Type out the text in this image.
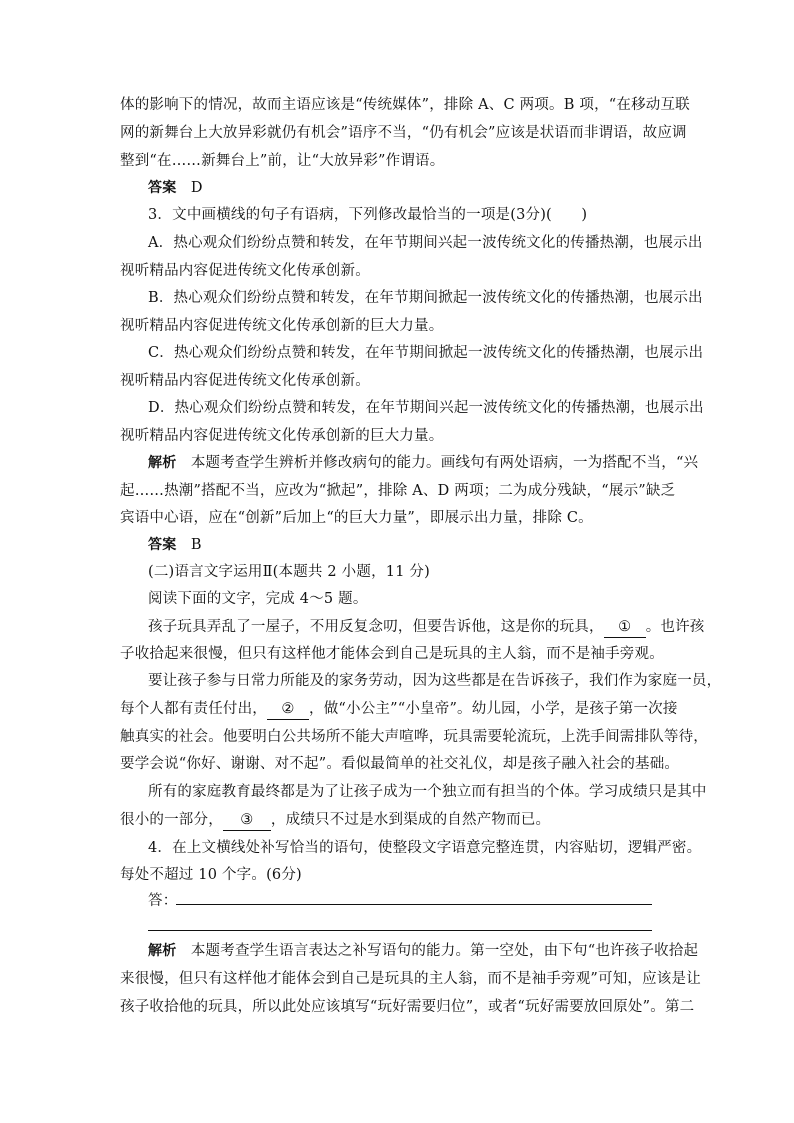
体的影响下的情况，故而主语应该是“传统媒体”，排除 A、C 两项。B 项，“在移动互联
网的新舞台上大放异彩就仍有机会”语序不当，“仍有机会”应该是状语而非谓语，故应调
整到“在……新舞台上”前，让“大放异彩”作谓语。
答案 D
3．文中画横线的句子有语病，下列修改最恰当的一项是(3分)(　　)
A．热心观众们纷纷点赞和转发，在年节期间兴起一波传统文化的传播热潮，也展示出
视听精品内容促进传统文化传承创新。
B．热心观众们纷纷点赞和转发，在年节期间掀起一波传统文化的传播热潮，也展示出
视听精品内容促进传统文化传承创新的巨大力量。
C．热心观众们纷纷点赞和转发，在年节期间掀起一波传统文化的传播热潮，也展示出
视听精品内容促进传统文化传承创新。
D．热心观众们纷纷点赞和转发，在年节期间兴起一波传统文化的传播热潮，也展示出
视听精品内容促进传统文化传承创新的巨大力量。
解析 本题考查学生辨析并修改病句的能力。画线句有两处语病，一为搭配不当，“兴
起……热潮”搭配不当，应改为“掀起”，排除 A、D 两项；二为成分残缺，“展示”缺乏
宾语中心语，应在“创新”后加上“的巨大力量”，即展示出力量，排除 C。
答案 B
(二)语言文字运用Ⅱ(本题共 2 小题，11 分)
阅读下面的文字，完成 4～5 题。
孩子玩具弄乱了一屋子，不用反复念叨，但要告诉他，这是你的玩具， ① 。也许孩
子收拾起来很慢，但只有这样他才能体会到自己是玩具的主人翁，而不是袖手旁观。
要让孩子参与日常力所能及的家务劳动，因为这些都是在告诉孩子，我们作为家庭一员，
每个人都有责任付出， ② ，做“小公主”“小皇帝”。幼儿园，小学，是孩子第一次接
触真实的社会。他要明白公共场所不能大声喧哗，玩具需要轮流玩，上洗手间需排队等待，
要学会说“你好、谢谢、对不起”。看似最简单的社交礼仪，却是孩子融入社会的基础。
所有的家庭教育最终都是为了让孩子成为一个独立而有担当的个体。学习成绩只是其中
很小的一部分， ③ ，成绩只不过是水到渠成的自然产物而已。
4．在上文横线处补写恰当的语句，使整段文字语意完整连贯，内容贴切，逻辑严密。
每处不超过 10 个字。(6分)
答：
解析 本题考查学生语言表达之补写语句的能力。第一空处，由下句“也许孩子收拾起
来很慢，但只有这样他才能体会到自己是玩具的主人翁，而不是袖手旁观”可知，应该是让
孩子收拾他的玩具，所以此处应该填写“玩好需要归位”，或者“玩好需要放回原处”。第二
